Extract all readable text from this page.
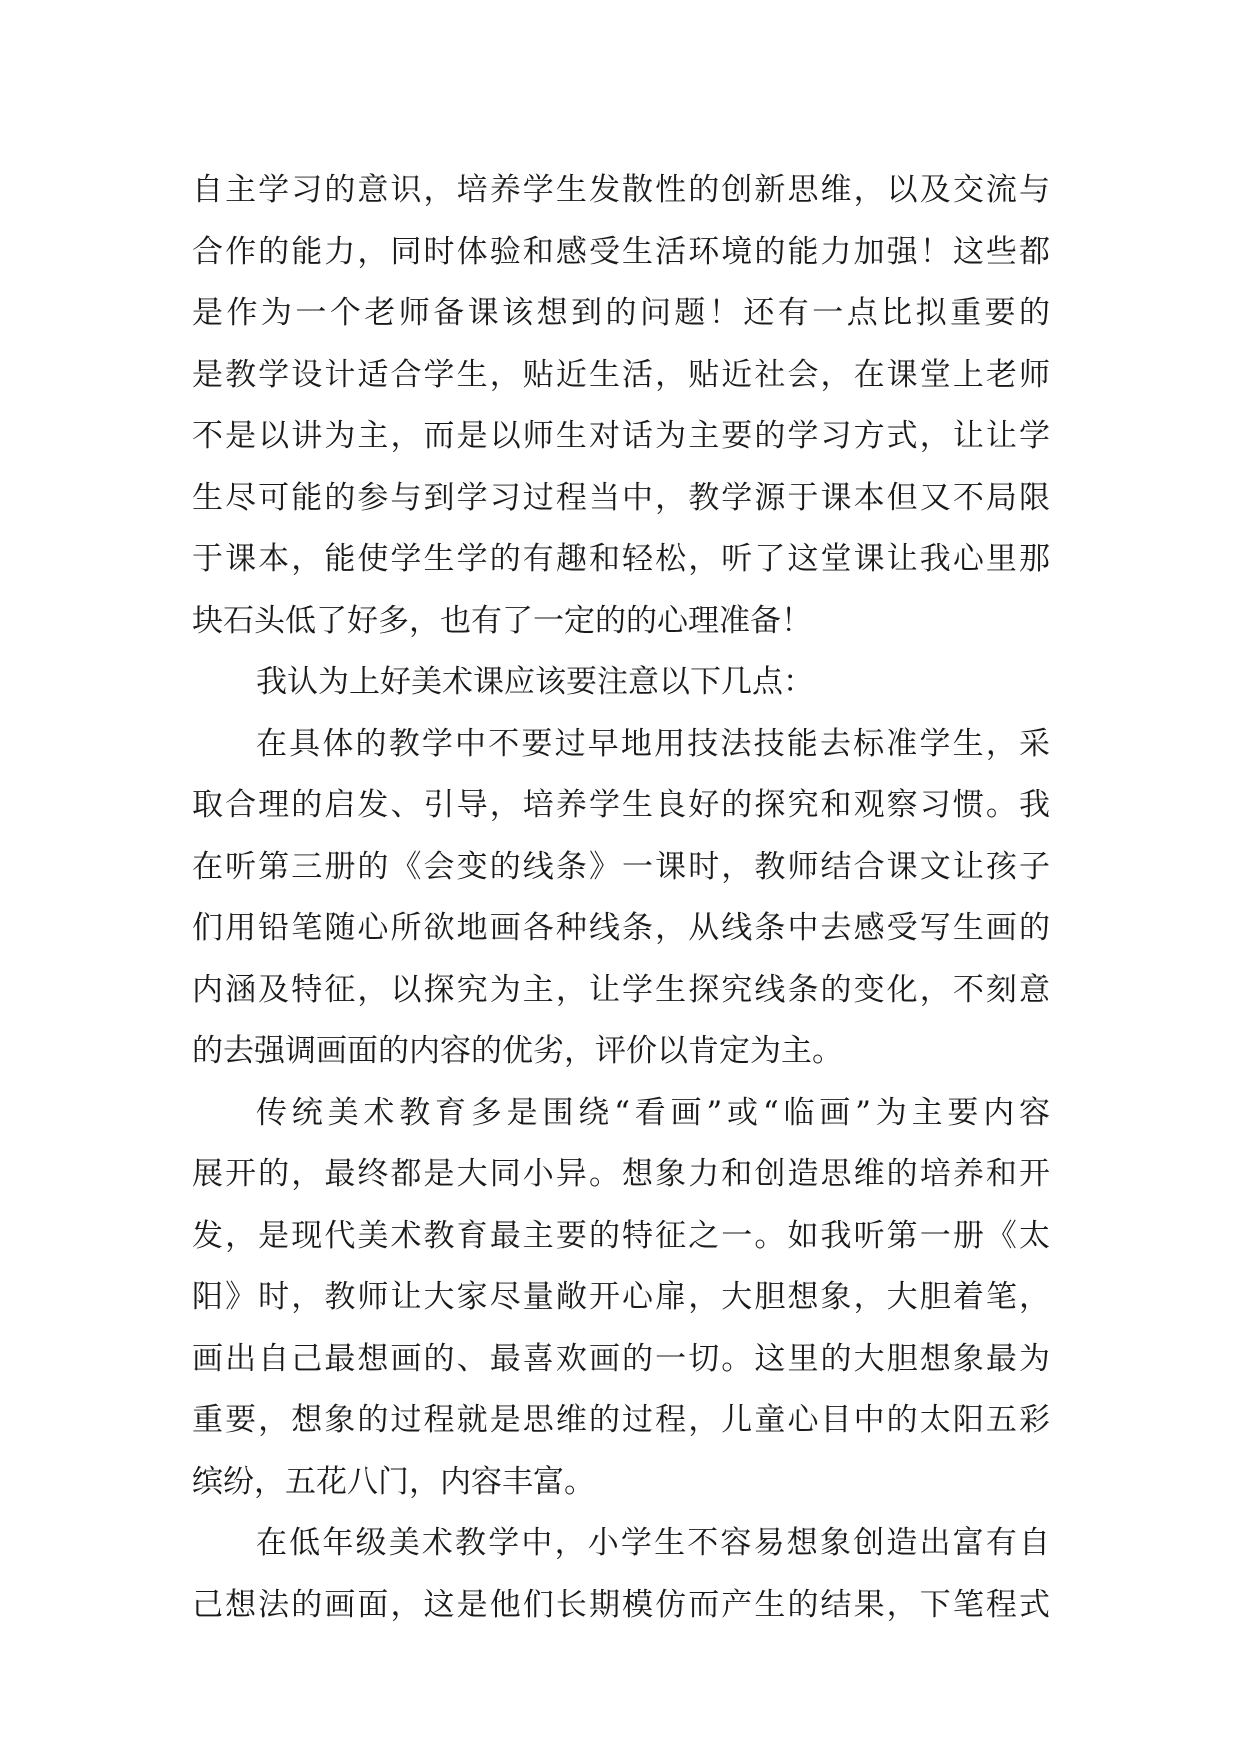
自主学习的意识，培养学生发散性的创新思维，以及交流与
合作的能力，同时体验和感受生活环境的能力加强！这些都
是作为一个老师备课该想到的问题！还有一点比拟重要的
是教学设计适合学生，贴近生活，贴近社会，在课堂上老师
不是以讲为主，而是以师生对话为主要的学习方式，让让学
生尽可能的参与到学习过程当中，教学源于课本但又不局限
于课本，能使学生学的有趣和轻松，听了这堂课让我心里那
块石头低了好多，也有了一定的的心理准备！
我认为上好美术课应该要注意以下几点：
在具体的教学中不要过早地用技法技能去标准学生，采
取合理的启发、引导，培养学生良好的探究和观察习惯。我
在听第三册的《会变的线条》一课时，教师结合课文让孩子
们用铅笔随心所欲地画各种线条，从线条中去感受写生画的
内涵及特征，以探究为主，让学生探究线条的变化，不刻意
的去强调画面的内容的优劣，评价以肯定为主。
传统美术教育多是围绕“看画”或“临画”为主要内容
展开的，最终都是大同小异。想象力和创造思维的培养和开
发，是现代美术教育最主要的特征之一。如我听第一册《太
阳》时，教师让大家尽量敞开心扉，大胆想象，大胆着笔，
画出自己最想画的、最喜欢画的一切。这里的大胆想象最为
重要，想象的过程就是思维的过程，儿童心目中的太阳五彩
缤纷，五花八门，内容丰富。
在低年级美术教学中，小学生不容易想象创造出富有自
己想法的画面，这是他们长期模仿而产生的结果，下笔程式
